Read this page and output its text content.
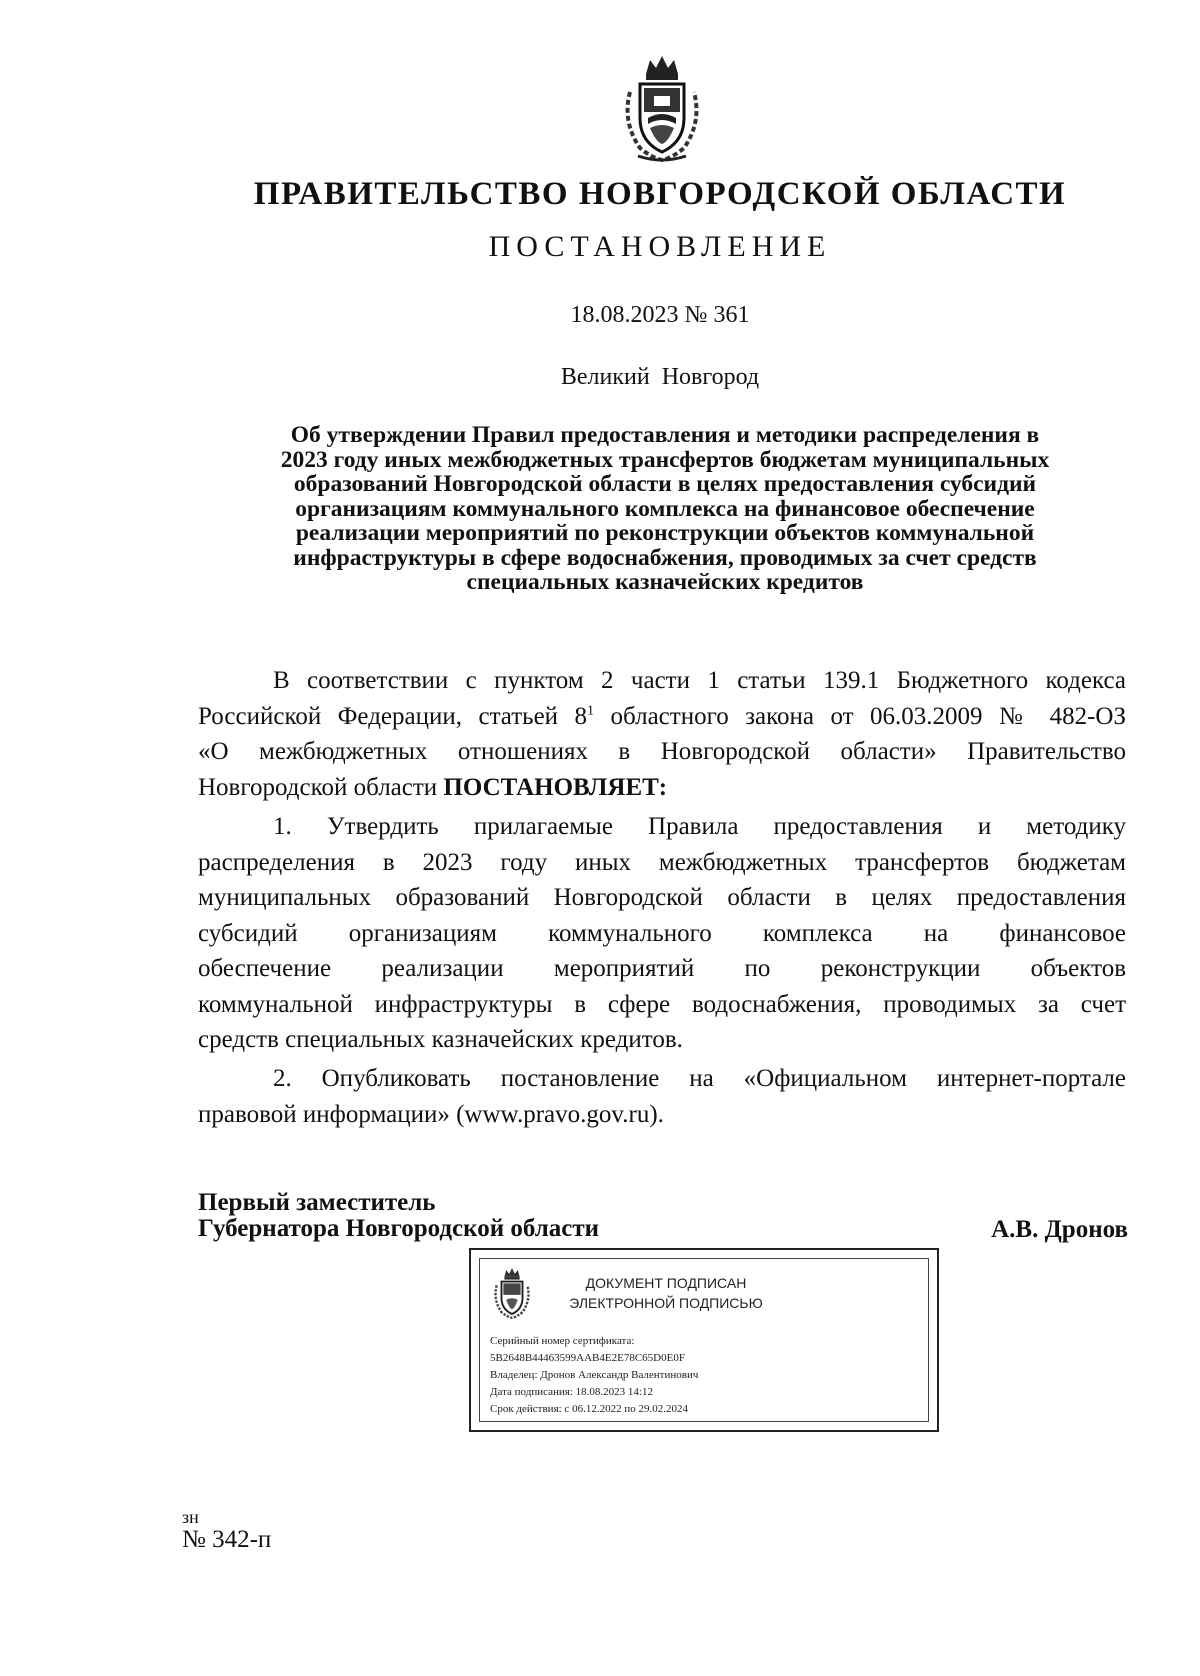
ПРАВИТЕЛЬСТВО НОВГОРОДСКОЙ ОБЛАСТИ
ПОСТАНОВЛЕНИЕ
18.08.2023 № 361
Великий  Новгород
Об утверждении Правил предоставления и методики распределения в
2023 году иных межбюджетных трансфертов бюджетам муниципальных
образований Новгородской области в целях предоставления субсидий
организациям коммунального комплекса на финансовое обеспечение
реализации мероприятий по реконструкции объектов коммунальной
инфраструктуры в сфере водоснабжения, проводимых за счет средств
специальных казначейских кредитов
В соответствии с пунктом 2 части 1 статьи 139.1 Бюджетного кодекса
Российской Федерации, статьей $8^1$ областного закона от 06.03.2009 № 482-ОЗ
«О межбюджетных отношениях в Новгородской области» Правительство
Новгородской области ПОСТАНОВЛЯЕТ:
1. Утвердить прилагаемые Правила предоставления и методику
распределения в 2023 году иных межбюджетных трансфертов бюджетам
муниципальных образований Новгородской области в целях предоставления
субсидий организациям коммунального комплекса на финансовое
обеспечение реализации мероприятий по реконструкции объектов
коммунальной инфраструктуры в сфере водоснабжения, проводимых за счет
средств специальных казначейских кредитов.
2. Опубликовать постановление на «Официальном интернет-портале
правовой информации» (www.pravo.gov.ru).
Первый заместитель
Губернатора Новгородской области	А.В. Дронов
ДОКУМЕНТ ПОДПИСАН
ЭЛЕКТРОННОЙ ПОДПИСЬЮ
Серийный номер сертификата:
5B2648B44463599AAB4E2E78C65D0E0F
Владелец: Дронов Александр Валентинович
Дата подписания: 18.08.2023 14:12
Срок действия: с 06.12.2022 по 29.02.2024
зн
№ 342-п
